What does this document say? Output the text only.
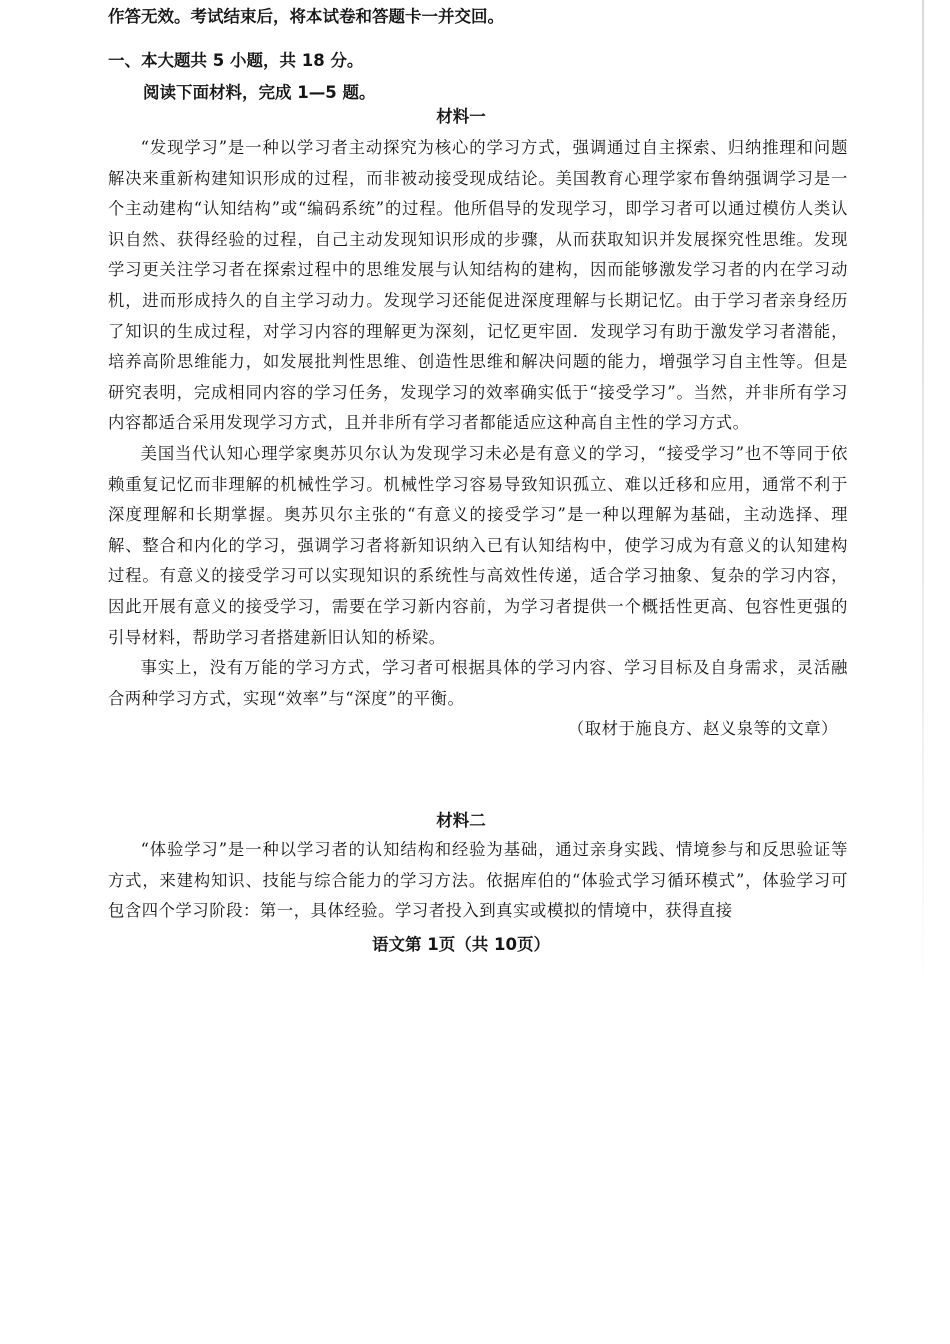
作答无效。考试结束后，将本试卷和答题卡一并交回。
一、本大题共 5 小题，共 18 分。
阅读下面材料，完成 1—5 题。
材料一

“发现学习”是一种以学习者主动探究为核心的学习方式，强调通过自主探索、归纳推理和问题解决来重新构建知识形成的过程，而非被动接受现成结论。美国教育心理学家布鲁纳强调学习是一个主动建构“认知结构”或“编码系统”的过程。他所倡导的发现学习，即学习者可以通过模仿人类认识自然、获得经验的过程，自己主动发现知识形成的步骤，从而获取知识并发展探究性思维。发现学习更关注学习者在探索过程中的思维发展与认知结构的建构，因而能够激发学习者的内在学习动机，进而形成持久的自主学习动力。发现学习还能促进深度理解与长期记忆。由于学习者亲身经历了知识的生成过程，对学习内容的理解更为深刻，记忆更牢固．发现学习有助于激发学习者潜能，培养高阶思维能力，如发展批判性思维、创造性思维和解决问题的能力，增强学习自主性等。但是研究表明，完成相同内容的学习任务，发现学习的效率确实低于“接受学习”。当然，并非所有学习内容都适合采用发现学习方式，且并非所有学习者都能适应这种高自主性的学习方式。

美国当代认知心理学家奥苏贝尔认为发现学习未必是有意义的学习，“接受学习”也不等同于依赖重复记忆而非理解的机械性学习。机械性学习容易导致知识孤立、难以迁移和应用，通常不利于深度理解和长期掌握。奥苏贝尔主张的“有意义的接受学习”是一种以理解为基础，主动选择、理解、整合和内化的学习，强调学习者将新知识纳入已有认知结构中，使学习成为有意义的认知建构过程。有意义的接受学习可以实现知识的系统性与高效性传递，适合学习抽象、复杂的学习内容，因此开展有意义的接受学习，需要在学习新内容前，为学习者提供一个概括性更高、包容性更强的引导材料，帮助学习者搭建新旧认知的桥梁。

事实上，没有万能的学习方式，学习者可根据具体的学习内容、学习目标及自身需求，灵活融合两种学习方式，实现“效率”与“深度”的平衡。

（取材于施良方、赵义泉等的文章）

材料二

“体验学习”是一种以学习者的认知结构和经验为基础，通过亲身实践、情境参与和反思验证等方式，来建构知识、技能与综合能力的学习方法。依据库伯的“体验式学习循环模式”，体验学习可包含四个学习阶段：第一，具体经验。学习者投入到真实或模拟的情境中，获得直接

语文第 1页（共 10页）
